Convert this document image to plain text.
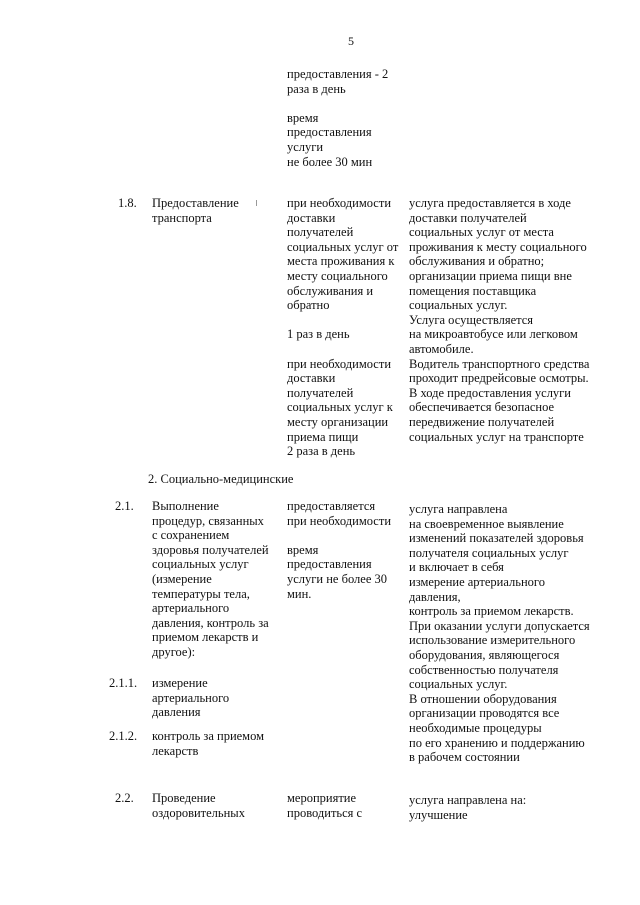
5
предоставления - 2
раза в день
время
предоставления
услуги
не более 30 мин
1.8. Предоставление
транспорта
при необходимости
доставки
получателей
социальных услуг от
места проживания к
месту социального
обслуживания и
обратно
1 раз в день
при необходимости
доставки
получателей
социальных услуг к
месту организации
приема пищи
2 раза в день
услуга предоставляется в ходе
доставки получателей
социальных услуг от места
проживания к месту социального
обслуживания и обратно;
организации приема пищи вне
помещения поставщика
социальных услуг.
Услуга осуществляется
на микроавтобусе или легковом
автомобиле.
Водитель транспортного средства
проходит предрейсовые осмотры.
В ходе предоставления услуги
обеспечивается безопасное
передвижение получателей
социальных услуг на транспорте
2. Социально-медицинские
2.1. Выполнение
процедур, связанных
с сохранением
здоровья получателей
социальных услуг
(измерение
температуры тела,
артериального
давления, контроль за
приемом лекарств и
другое):
предоставляется
при необходимости
время
предоставления
услуги не более 30
мин.
услуга направлена
на своевременное выявление
изменений показателей здоровья
получателя социальных услуг
и включает в себя
измерение артериального
давления,
контроль за приемом лекарств.
При оказании услуги допускается
использование измерительного
оборудования, являющегося
собственностью получателя
социальных услуг.
В отношении оборудования
организации проводятся все
необходимые процедуры
по его хранению и поддержанию
в рабочем состоянии
2.1.1. измерение
артериального
давления
2.1.2. контроль за приемом
лекарств
2.2. Проведение
оздоровительных
мероприятие
проводиться с
услуга направлена на:
улучшение
